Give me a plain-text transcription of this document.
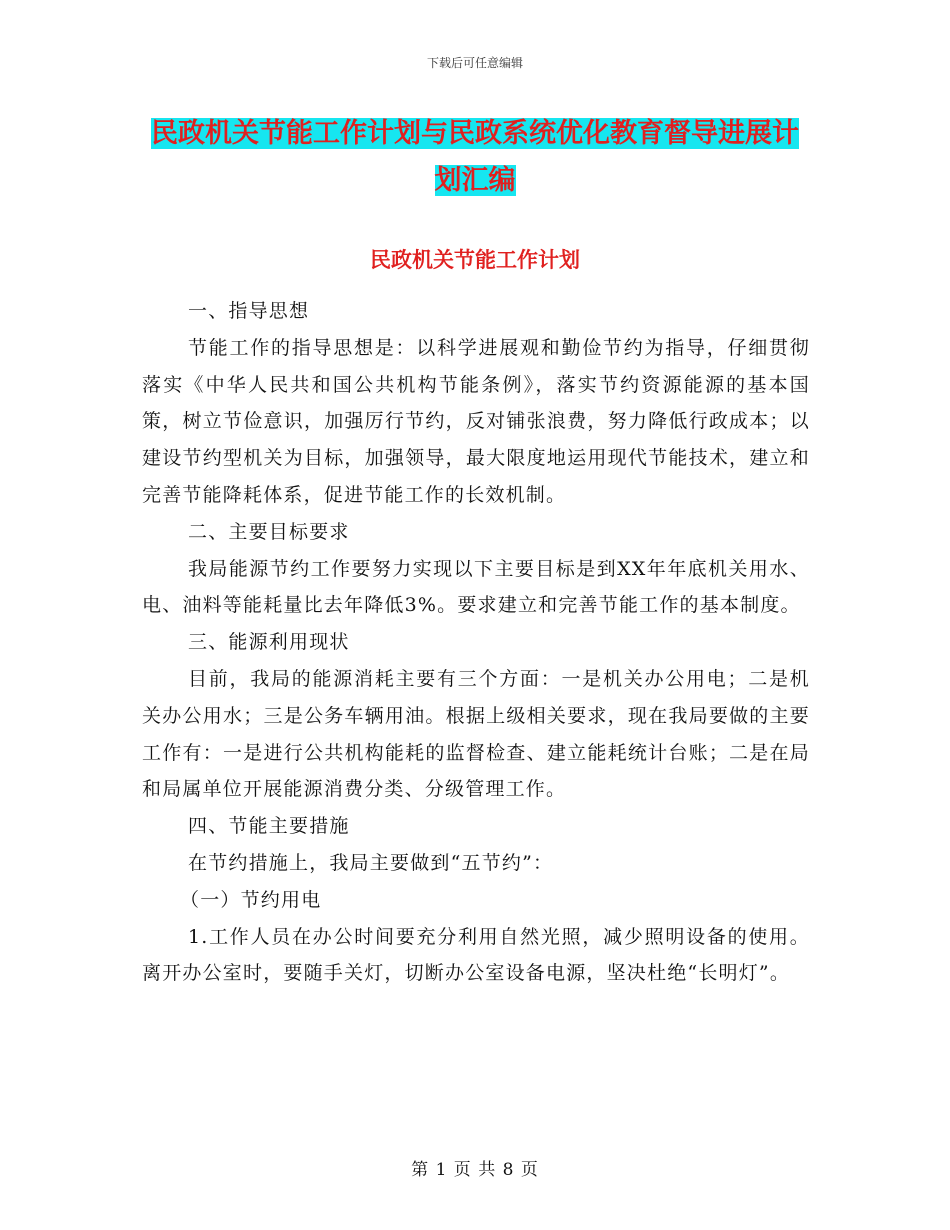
下载后可任意编辑
民政机关节能工作计划与民政系统优化教育督导进展计划汇编
民政机关节能工作计划

一、指导思想

节能工作的指导思想是：以科学进展观和勤俭节约为指导，仔细贯彻落实《中华人民共和国公共机构节能条例》，落实节约资源能源的基本国策，树立节俭意识，加强厉行节约，反对铺张浪费，努力降低行政成本；以建设节约型机关为目标，加强领导，最大限度地运用现代节能技术，建立和完善节能降耗体系，促进节能工作的长效机制。

二、主要目标要求

我局能源节约工作要努力实现以下主要目标是到XX年年底机关用水、电、油料等能耗量比去年降低3%。要求建立和完善节能工作的基本制度。

三、能源利用现状

目前，我局的能源消耗主要有三个方面：一是机关办公用电；二是机关办公用水；三是公务车辆用油。根据上级相关要求，现在我局要做的主要工作有：一是进行公共机构能耗的监督检查、建立能耗统计台账；二是在局和局属单位开展能源消费分类、分级管理工作。

四、节能主要措施

在节约措施上，我局主要做到“五节约”：

（一）节约用电

1.工作人员在办公时间要充分利用自然光照，减少照明设备的使用。离开办公室时，要随手关灯，切断办公室设备电源，坚决杜绝“长明灯”。

第 1 页 共 8 页
